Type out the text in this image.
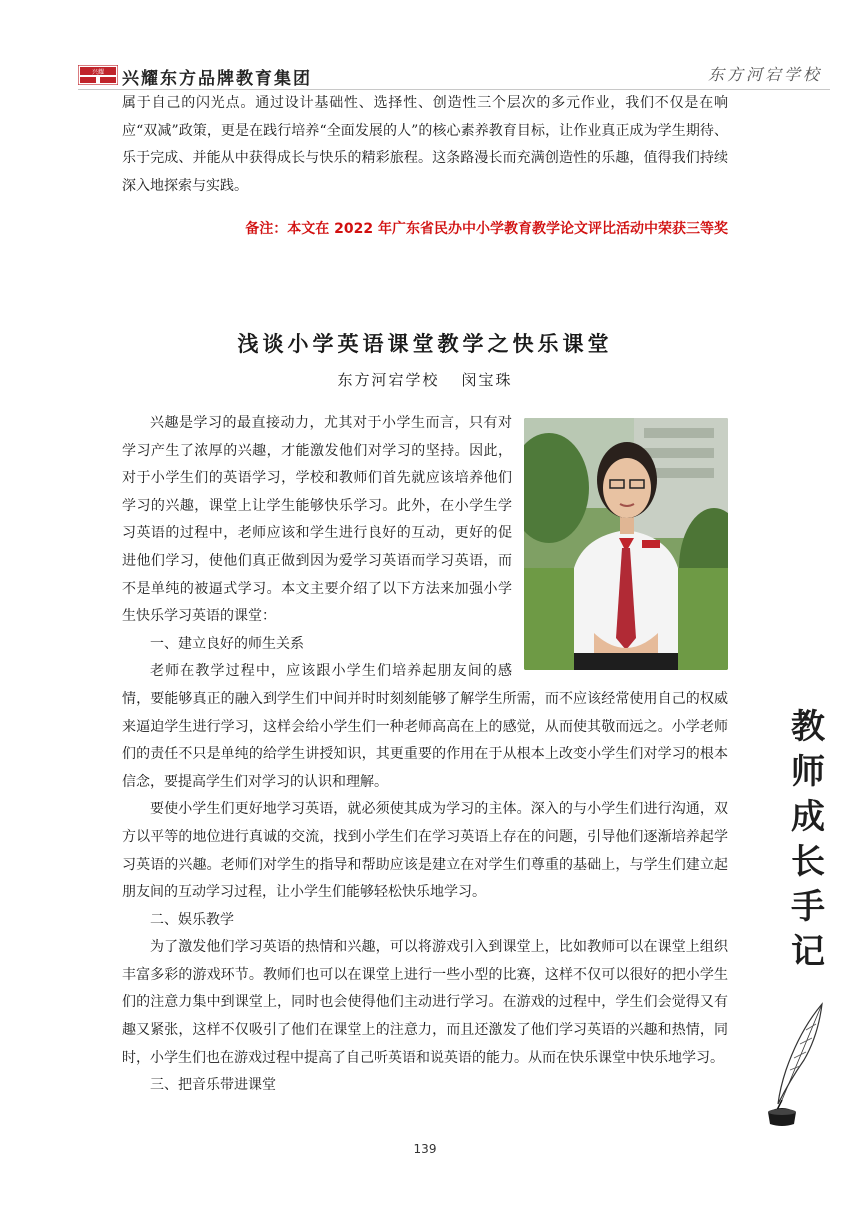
兴耀 兴耀东方品牌教育集团	东方河宕学校

属于自己的闪光点。通过设计基础性、选择性、创造性三个层次的多元作业，我们不仅是在响应“双减”政策，更是在践行培养“全面发展的人”的核心素养教育目标，让作业真正成为学生期待、乐于完成、并能从中获得成长与快乐的精彩旅程。这条路漫长而充满创造性的乐趣，值得我们持续深入地探索与实践。

备注：本文在 2022 年广东省民办中小学教育教学论文评比活动中荣获三等奖
浅谈小学英语课堂教学之快乐课堂
东方河宕学校 闵宝珠

兴趣是学习的最直接动力，尤其对于小学生而言，只有对学习产生了浓厚的兴趣，才能激发他们对学习的坚持。因此，对于小学生们的英语学习，学校和教师们首先就应该培养他们学习的兴趣，课堂上让学生能够快乐学习。此外，在小学生学习英语的过程中，老师应该和学生进行良好的互动，更好的促进他们学习，使他们真正做到因为爱学习英语而学习英语，而不是单纯的被逼式学习。本文主要介绍了以下方法来加强小学生快乐学习英语的课堂：

一、建立良好的师生关系

老师在教学过程中，应该跟小学生们培养起朋友间的感情，要能够真正的融入到学生们中间并时时刻刻能够了解学生所需，而不应该经常使用自己的权威来逼迫学生进行学习，这样会给小学生们一种老师高高在上的感觉，从而使其敬而远之。小学老师们的责任不只是单纯的给学生讲授知识，其更重要的作用在于从根本上改变小学生们对学习的根本信念，要提高学生们对学习的认识和理解。

要使小学生们更好地学习英语，就必须使其成为学习的主体。深入的与小学生们进行沟通，双方以平等的地位进行真诚的交流，找到小学生们在学习英语上存在的问题，引导他们逐渐培养起学习英语的兴趣。老师们对学生的指导和帮助应该是建立在对学生们尊重的基础上，与学生们建立起朋友间的互动学习过程，让小学生们能够轻松快乐地学习。

二、娱乐教学

为了激发他们学习英语的热情和兴趣，可以将游戏引入到课堂上，比如教师可以在课堂上组织丰富多彩的游戏环节。教师们也可以在课堂上进行一些小型的比赛，这样不仅可以很好的把小学生们的注意力集中到课堂上，同时也会使得他们主动进行学习。在游戏的过程中，学生们会觉得又有趣又紧张，这样不仅吸引了他们在课堂上的注意力，而且还激发了他们学习英语的兴趣和热情，同时，小学生们也在游戏过程中提高了自己听英语和说英语的能力。从而在快乐课堂中快乐地学习。

三、把音乐带进课堂

教
师
成
长
手
记
139
